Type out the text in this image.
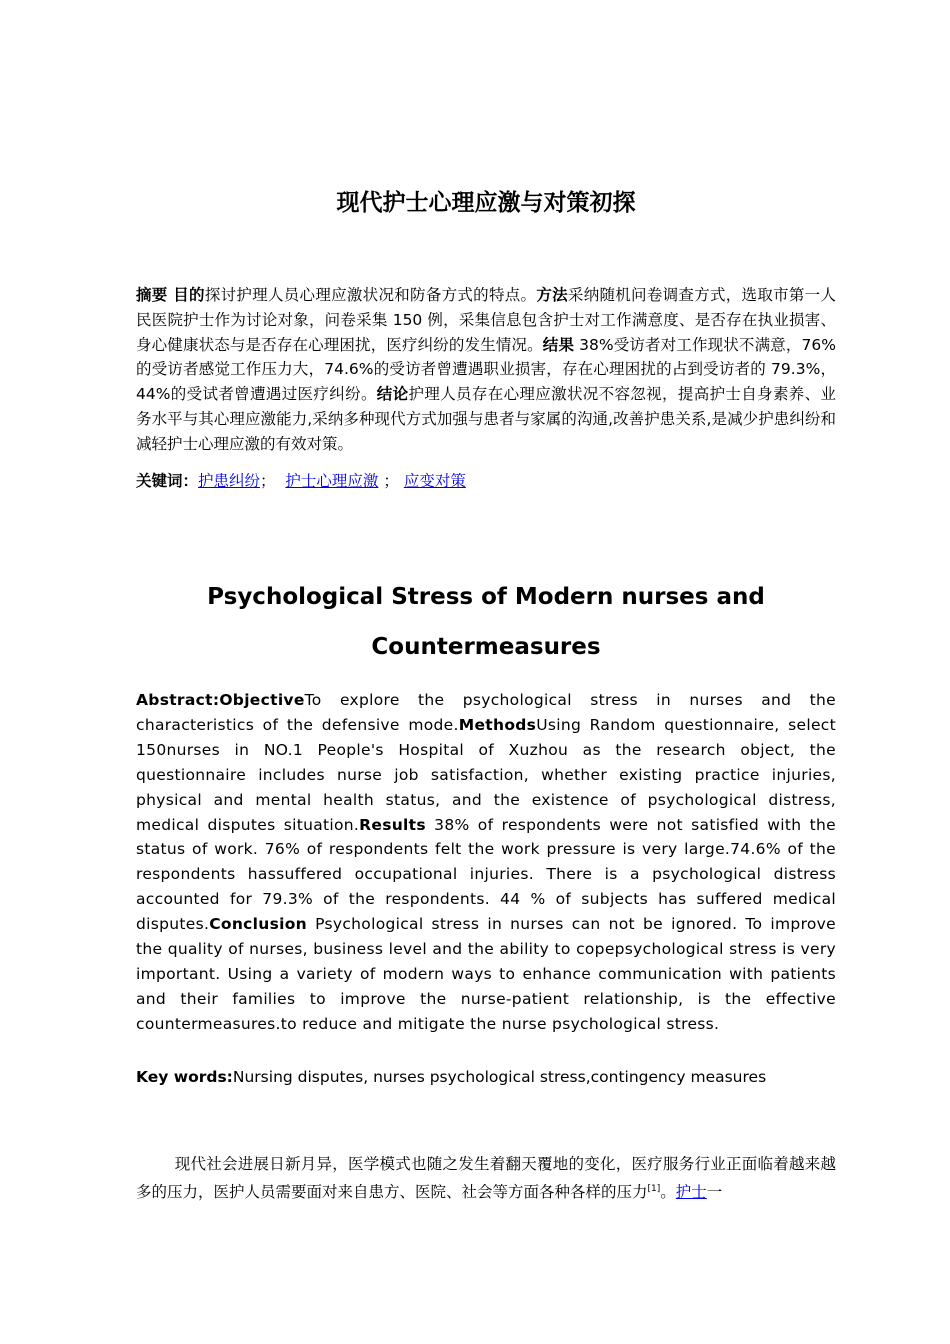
现代护士心理应激与对策初探
摘要 目的探讨护理人员心理应激状况和防备方式的特点。方法采纳随机问卷调查方式，选取市第一人民医院护士作为讨论对象，问卷采集 150 例，采集信息包含护士对工作满意度、是否存在执业损害、身心健康状态与是否存在心理困扰，医疗纠纷的发生情况。结果 38%受访者对工作现状不满意，76%的受访者感觉工作压力大，74.6%的受访者曾遭遇职业损害，存在心理困扰的占到受访者的 79.3%，44%的受试者曾遭遇过医疗纠纷。结论护理人员存在心理应激状况不容忽视，提高护士自身素养、业务水平与其心理应激能力,采纳多种现代方式加强与患者与家属的沟通,改善护患关系,是减少护患纠纷和减轻护士心理应激的有效对策。
关键词：护患纠纷； 护士心理应激 ； 应变对策
Psychological Stress of Modern nurses and
Countermeasures
Abstract:ObjectiveTo explore the psychological stress in nurses and the characteristics of the defensive mode.MethodsUsing Random questionnaire, select 150nurses in NO.1 People's Hospital of Xuzhou as the research object, the questionnaire includes nurse job satisfaction, whether existing practice injuries, physical and mental health status, and the existence of psychological distress, medical disputes situation.Results 38% of respondents were not satisfied with the status of work. 76% of respondents felt the work pressure is very large.74.6% of the respondents hassuffered occupational injuries. There is a psychological distress accounted for 79.3% of the respondents. 44 % of subjects has suffered medical disputes.Conclusion Psychological stress in nurses can not be ignored. To improve the quality of nurses, business level and the ability to copepsychological stress is very important. Using a variety of modern ways to enhance communication with patients and their families to improve the nurse-patient relationship, is the effective countermeasures.to reduce and mitigate the nurse psychological stress.
Key words:Nursing disputes, nurses psychological stress,contingency measures
现代社会进展日新月异，医学模式也随之发生着翻天覆地的变化，医疗服务行业正面临着越来越多的压力，医护人员需要面对来自患方、医院、社会等方面各种各样的压力[1]。护士一
